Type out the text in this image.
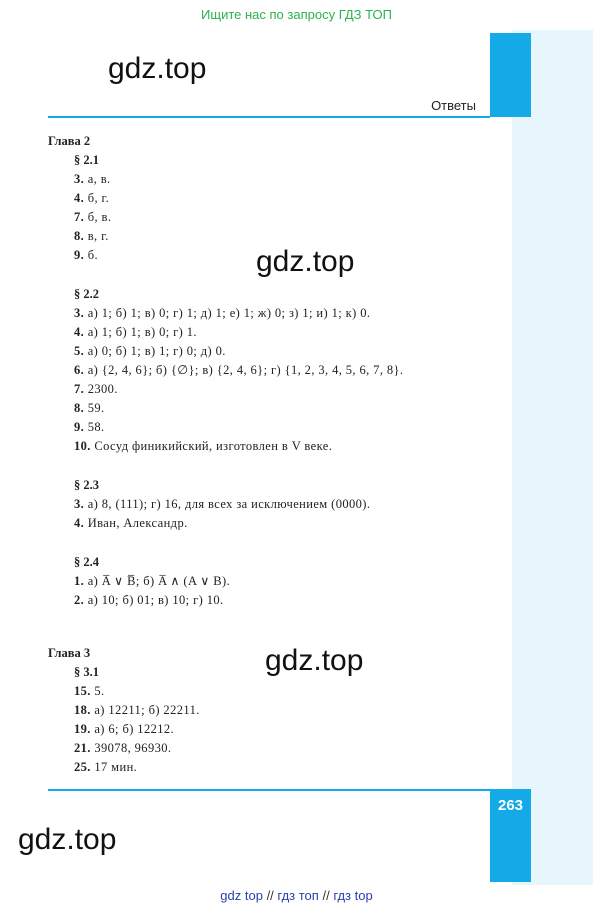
Ищите нас по запросу ГДЗ ТОП
gdz.top
gdz.top
gdz.top
gdz.top
Ответы
263

Глава 2

§ 2.1

3. а, в.

4. б, г.

7. б, в.

8. в, г.

9. б.

§ 2.2

3. а) 1; б) 1; в) 0; г) 1; д) 1; е) 1; ж) 0; з) 1; и) 1; к) 0.

4. а) 1; б) 1; в) 0; г) 1.

5. а) 0; б) 1; в) 1; г) 0; д) 0.

6. а) {2, 4, 6}; б) {∅}; в) {2, 4, 6}; г) {1, 2, 3, 4, 5, 6, 7, 8}.

7. 2300.

8. 59.

9. 58.

10. Сосуд финикийский, изготовлен в V веке.

§ 2.3

3. а) 8, (111); г) 16, для всех за исключением (0000).

4. Иван, Александр.

§ 2.4

1. а) A̅ ∨ B̅; б) A̅ ∧ (A ∨ B).

2. а) 10; б) 01; в) 10; г) 10.

Глава 3

§ 3.1

15. 5.

18. а) 12211; б) 22211.

19. а) 6; б) 12212.

21. 39078, 96930.

25. 17 мин.

gdz top // гдз топ // гдз top
